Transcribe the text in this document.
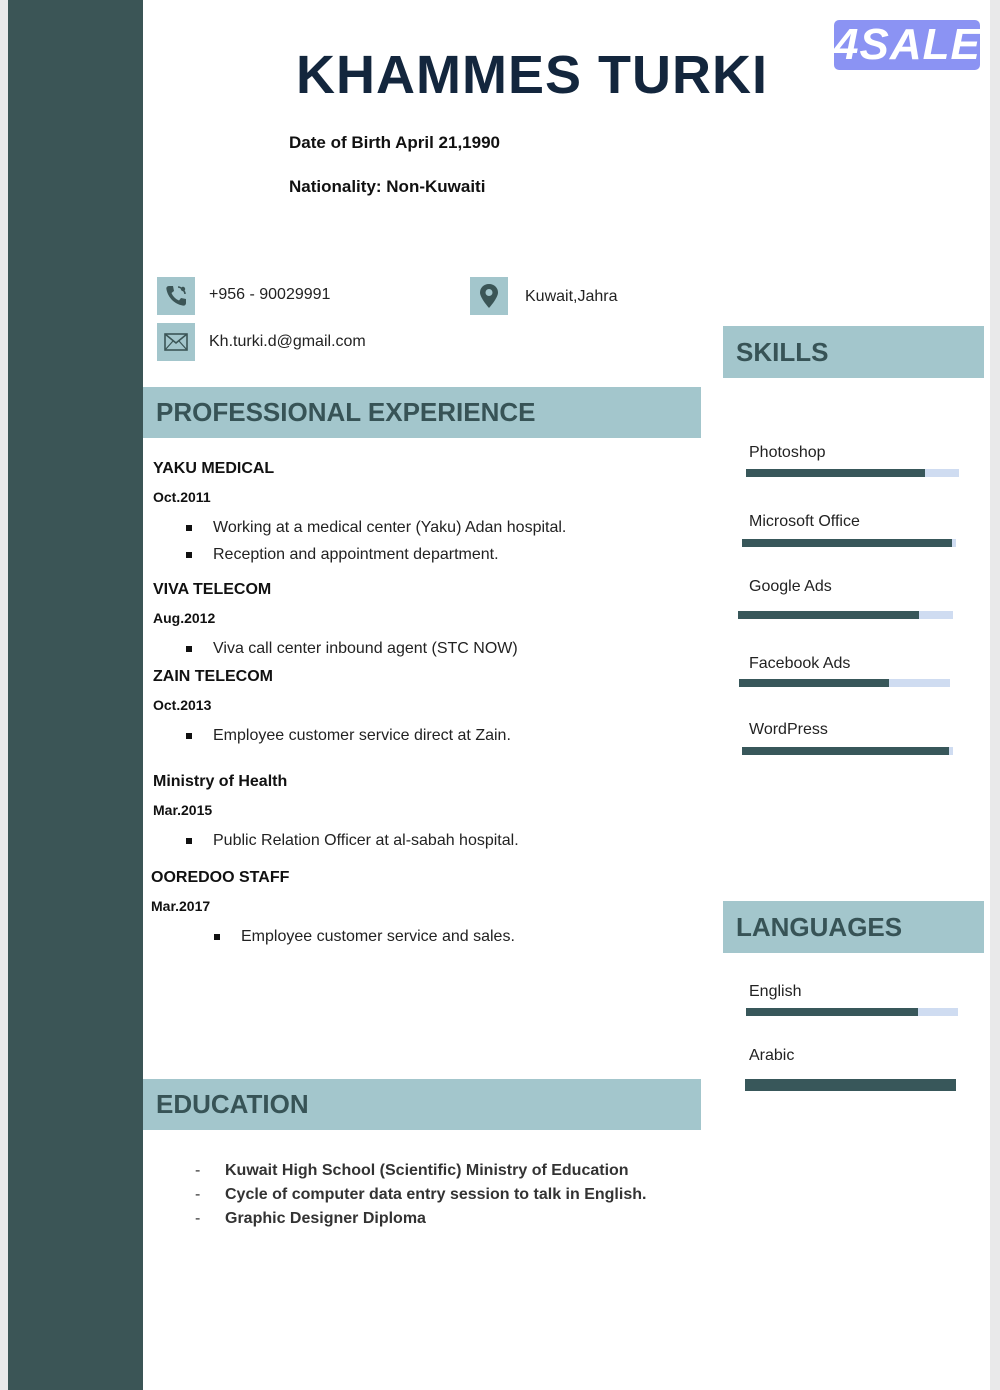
4SALE
KHAMMES TURKI
Date of Birth April 21,1990
Nationality: Non-Kuwaiti
+956 - 90029991	Kuwait,Jahra
Kh.turki.d@gmail.com
PROFESSIONAL EXPERIENCE
YAKU MEDICAL
Oct.2011
Working at a medical center (Yaku) Adan hospital.
Reception and appointment department.
VIVA TELECOM
Aug.2012
Viva call center inbound agent (STC NOW)
ZAIN TELECOM
Oct.2013
Employee customer service direct at Zain.
Ministry of Health
Mar.2015
Public Relation Officer at al-sabah hospital.
OOREDOO STAFF
Mar.2017
Employee customer service and sales.
EDUCATION
- Kuwait High School (Scientific) Ministry of Education
- Cycle of computer data entry session to talk in English.
- Graphic Designer Diploma
SKILLS
Photoshop
Microsoft Office
Google Ads
Facebook Ads
WordPress
LANGUAGES
English
Arabic
